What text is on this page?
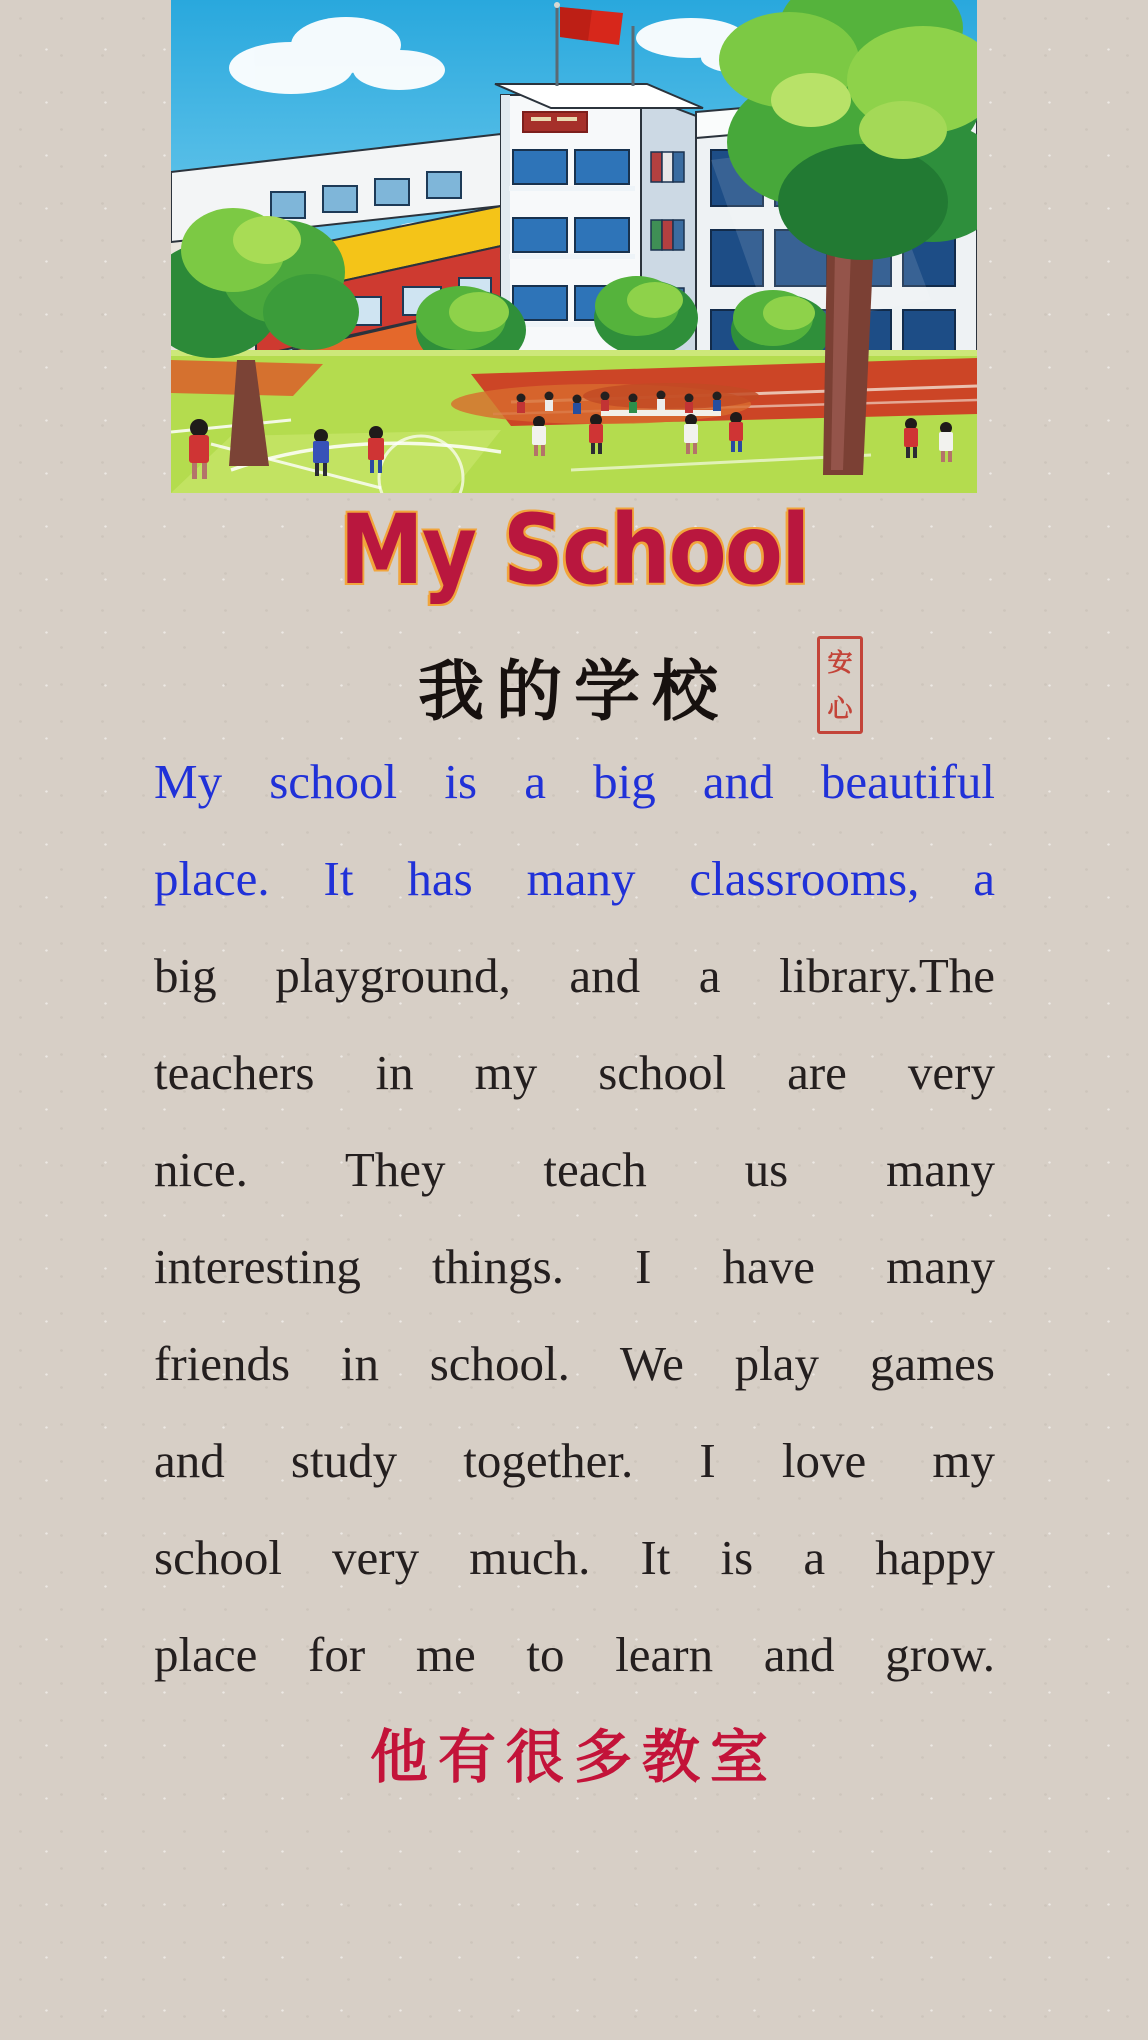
My School
我的学校	安
心
My school is a big and beautiful
place. It has many classrooms, a
big playground, and a library.The
teachers in my school are very
nice. They teach us many
interesting things. I have many
friends in school. We play games
and study together. I love my
school very much. It is a happy
place for me to learn and grow.
他有很多教室
